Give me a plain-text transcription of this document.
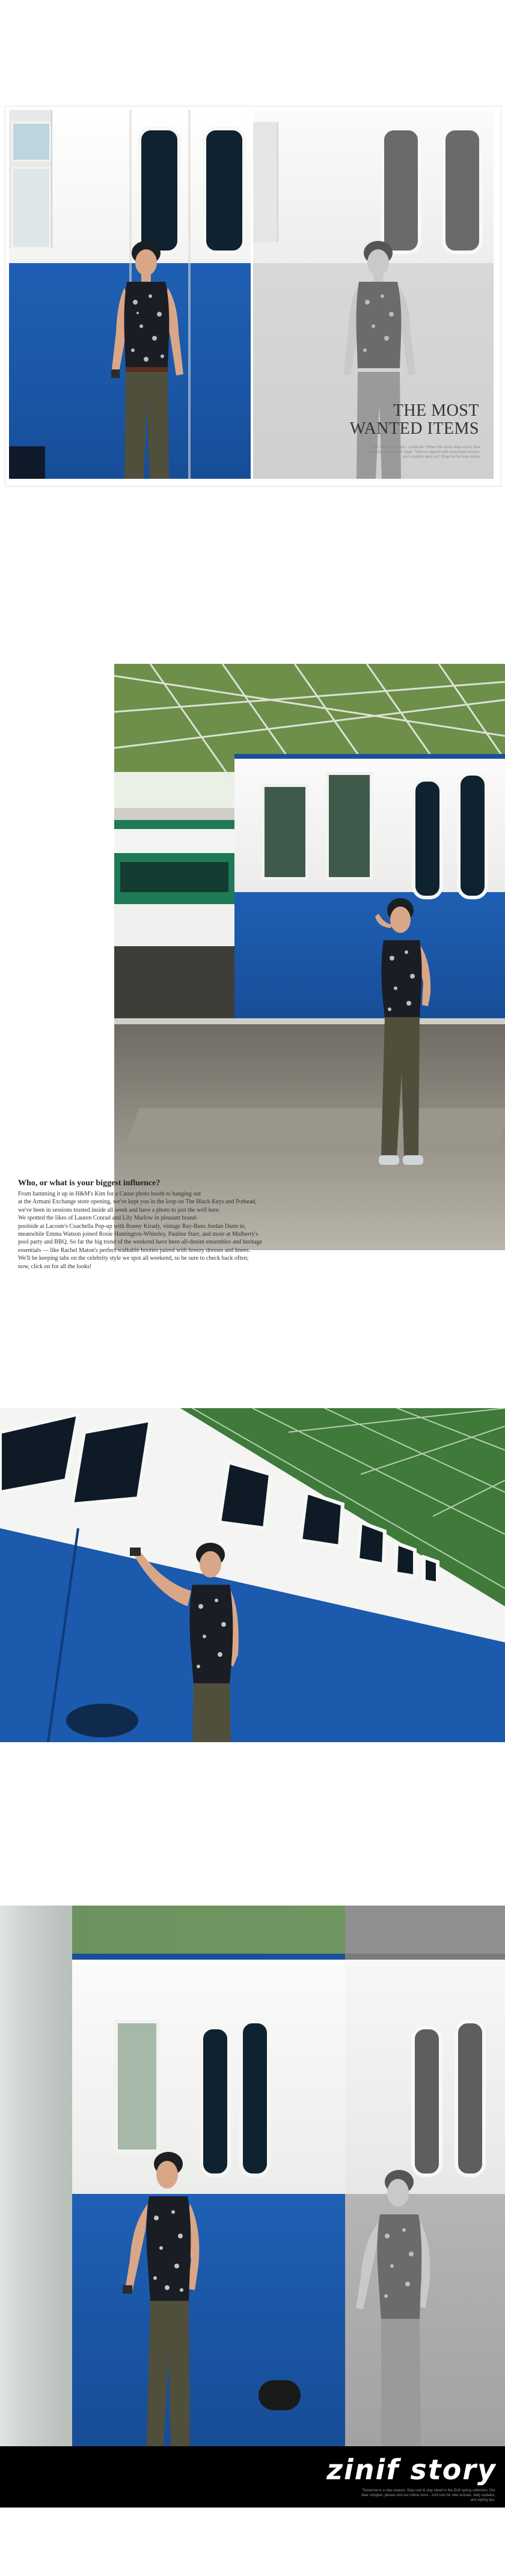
THE MOST
WANTED ITEMS
Zinif Hankuk Fashion - Lookbook / When the sunny days arrive, blue and white take center stage. Tank top layered with easy khaki trousers and a leather wrist cuff. Shop the full look online.
Who, or what is your biggest influence?
From hamming it up in H&M's Kim for a Cause photo booth to hanging out
at the Armani Exchange store opening, we've kept you in the loop on The Black Keys and Pothead,
we've been in sessions trusted inside all week and have a photo to just the well here.
We spotted the likes of Lauren Conrad and Lily Marlow in pleasant brand-
poolside at Lacoste's Coachella Pop-up with Ronny Kirady, vintage Ray-Bans Jordan Dunn in,
meanwhile Emma Watson joined Rosie Huntington-Whiteley, Pauline Starr, and more at Mulberry's
pool party and BBQ. So far the big trend of the weekend have been all-denim ensembles and heritage
essentials — like Rachel Maton's perfect walkable booties paired with breezy dresses and knees.
We'll be keeping tabs on the celebrity style we spot all weekend, so be sure to check back often;
now, click on for all the looks!
zinif story
Tomorrow is a new season. Stay cool & stay street in the Zinif spring collection. Our dear shopper, please visit our online store - zinif.com for new arrivals, daily updates, and styling tips.
